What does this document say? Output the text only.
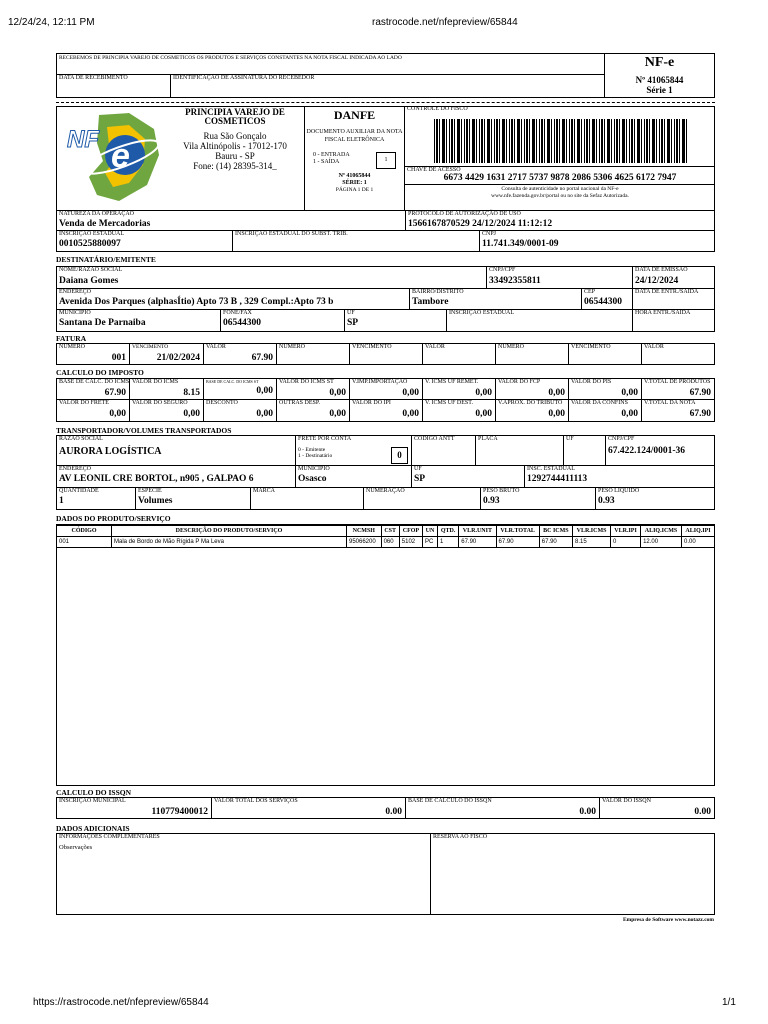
12/24/24, 12:11 PM	rastrocode.net/nfepreview/65844
RECEBEMOS DE PRINCIPIA VAREJO DE COSMETICOS OS PRODUTOS E SERVIÇOS CONSTANTES NA NOTA FISCAL INDICADA AO LADO
DATA DE RECEBIMENTO	IDENTIFICAÇÃO DE ASSINATURA DO RECEBEDOR
NF-e
Nº 41065844
Série 1
NF e
PRINCIPIA VAREJO DE COSMETICOS
Rua São Gonçalo
Vila Altinópolis - 17012-170
Bauru - SP
Fone: (14) 28395-314_
DANFE
DOCUMENTO AUXILIAR DA NOTA FISCAL ELETRÔNICA
0 - ENTRADA
1 - SAÍDA	1
Nº 41065844
SÉRIE: 1
PÁGINA 1 DE 1
CONTROLE DO FISCO
CHAVE DE ACESSO
6673 4429 1631 2717 5737 9878 2086 5306 4625 6172 7947
Consulta de autenticidade no portal nacional da NF-e
www.nfe.fazenda.gov.br/portal ou no site da Sefaz Autorizada.
NATUREZA DA OPERAÇÃO
Venda de Mercadorias
PROTOCOLO DE AUTORIZAÇÃO DE USO
1566167870529 24/12/2024 11:12:12
INSCRIÇÃO ESTADUAL
0010525880097
INSCRIÇÃO ESTADUAL DO SUBST. TRIB.	CNPJ
11.741.349/0001-09
DESTINATÁRIO/EMITENTE
NOME/RAZÃO SOCIAL
Daiana Gomes
CNPJ/CPF
33492355811
DATA DE EMISSÃO
24/12/2024
ENDEREÇO
Avenida Dos Parques (alphasÍtio) Apto 73 B , 329 Compl.:Apto 73 b
BAIRRO/DISTRITO
Tambore
CEP
06544300
DATA DE ENTR./SAÍDA
MUNICÍPIO
Santana De Parnaiba
FONE/FAX
06544300
UF
SP
INSCRIÇÃO ESTADUAL	HORA ENTR./SAÍDA
FATURA
NÚMERO
001
VENCIMENTO
21/02/2024
VALOR
67.90
NÚMERO	VENCIMENTO	VALOR	NÚMERO	VENCIMENTO	VALOR
CALCULO DO IMPOSTO
BASE DE CALC. DO ICMS
67.90
VALOR DO ICMS
8.15
BASE DE CALC. DO ICMS ST
0,00
VALOR DO ICMS ST
0,00
V.IMP.IMPORTAÇÃO
0,00
V. ICMS UF REMET.
0,00
VALOR DO FCP
0,00
VALOR DO PIS
0,00
V.TOTAL DE PRODUTOS
67.90
VALOR DO FRETE
0,00
VALOR DO SEGURO
0,00
DESCONTO
0,00
OUTRAS DESP.
0,00
VALOR DO IPI
0,00
V. ICMS UF DEST.
0,00
V.APROX. DO TRIBUTO
0,00
VALOR DA CONFINS
0,00
V.TOTAL DA NOTA
67.90
TRANSPORTADOR/VOLUMES TRANSPORTADOS
RAZÃO SOCIAL
AURORA LOGÍSTICA
FRETE POR CONTA
0 - Emitente
1 - Destinatário	0
CÓDIGO ANTT	PLACA	UF	CNPJ/CPF
67.422.124/0001-36
ENDEREÇO
AV LEONIL CRE BORTOL, n905 , GALPAO 6
MUNICÍPIO
Osasco
UF
SP
INSC. ESTADUAL
1292744411113
QUANTIDADE
1
ESPÉCIE
Volumes
MARCA	NUMERAÇÃO	PESO BRUTO
0.93
PESO LÍQUIDO
0.93
DADOS DO PRODUTO/SERVIÇO
CÓDIGO	DESCRIÇÃO DO PRODUTO/SERVIÇO	NCMSH	CST	CFOP	UN	QTD.	VLR.UNIT	VLR.TOTAL	BC ICMS	VLR.ICMS	VLR.IPI	ALIQ.ICMS	ALIQ.IPI
001	Mala de Bordo de Mão Rígida P Ma Leva	95066200	060	5102	PC	1	67.90	67.90	67.90	8.15	0	12.00	0.00
CALCULO DO ISSQN
INSCRIÇÃO MUNICIPAL
110779400012
VALOR TOTAL DOS SERVIÇOS
0.00
BASE DE CÁLCULO DO ISSQN
0.00
VALOR DO ISSQN
0.00
DADOS ADICIONAIS
INFORMAÇÕES COMPLEMENTARES
Observações
RESERVA AO FISCO
Empresa de Software www.notazz.com
https://rastrocode.net/nfepreview/65844	1/1
